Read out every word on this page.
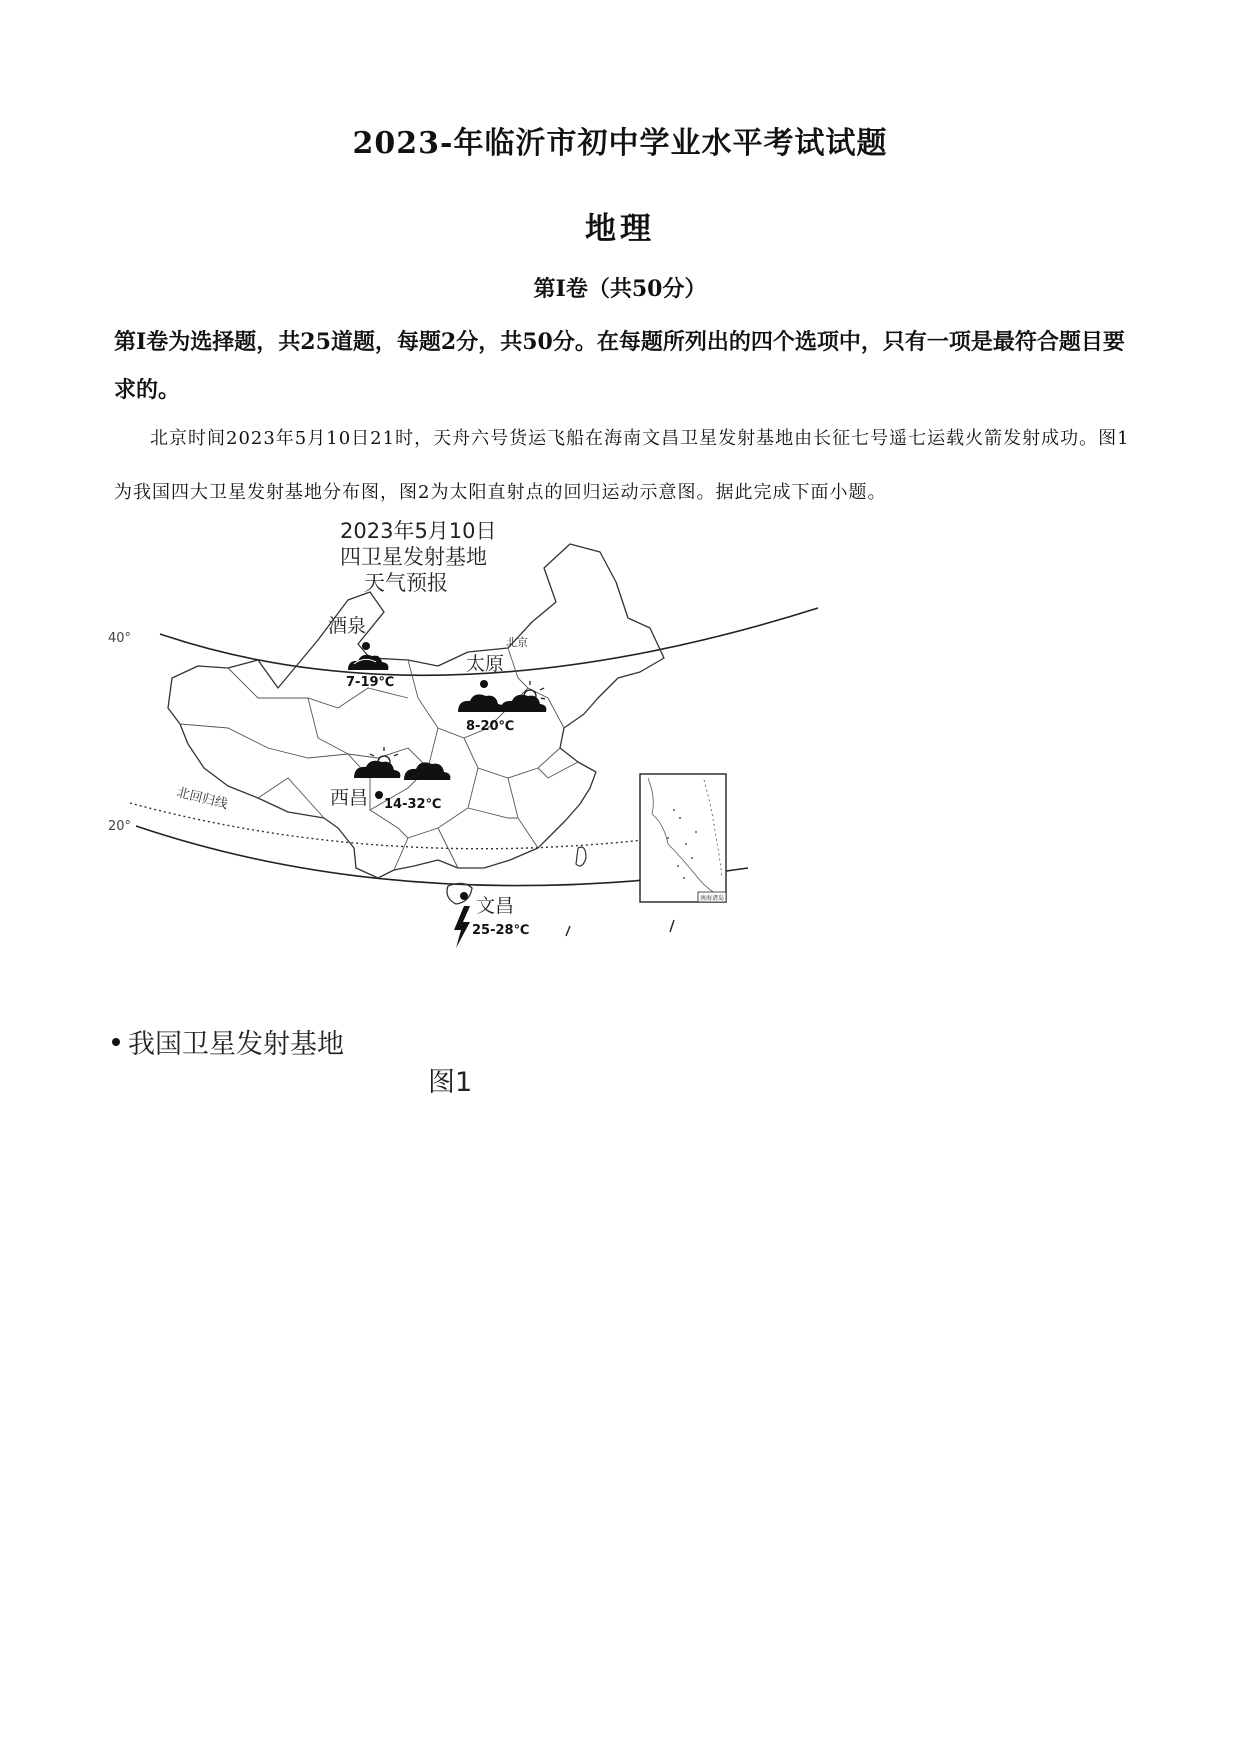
2023-年临沂市初中学业水平考试试题
地理
第Ⅰ卷（共50分）
第Ⅰ卷为选择题，共25道题，每题2分，共50分。在每题所列出的四个选项中，只有一项是最符合题目要求的。
北京时间2023年5月10日21时，天舟六号货运飞船在海南文昌卫星发射基地由长征七号遥七运载火箭发射成功。图1为我国四大卫星发射基地分布图，图2为太阳直射点的回归运动示意图。据此完成下面小题。
2023年5月10日
四卫星发射基地
天气预报
40°
20°
北回归线
北京
酒泉
7-19℃
太原
8-20℃
西昌 14-32℃
文昌
25-28℃
南海诸岛
我国卫星发射基地
图1
